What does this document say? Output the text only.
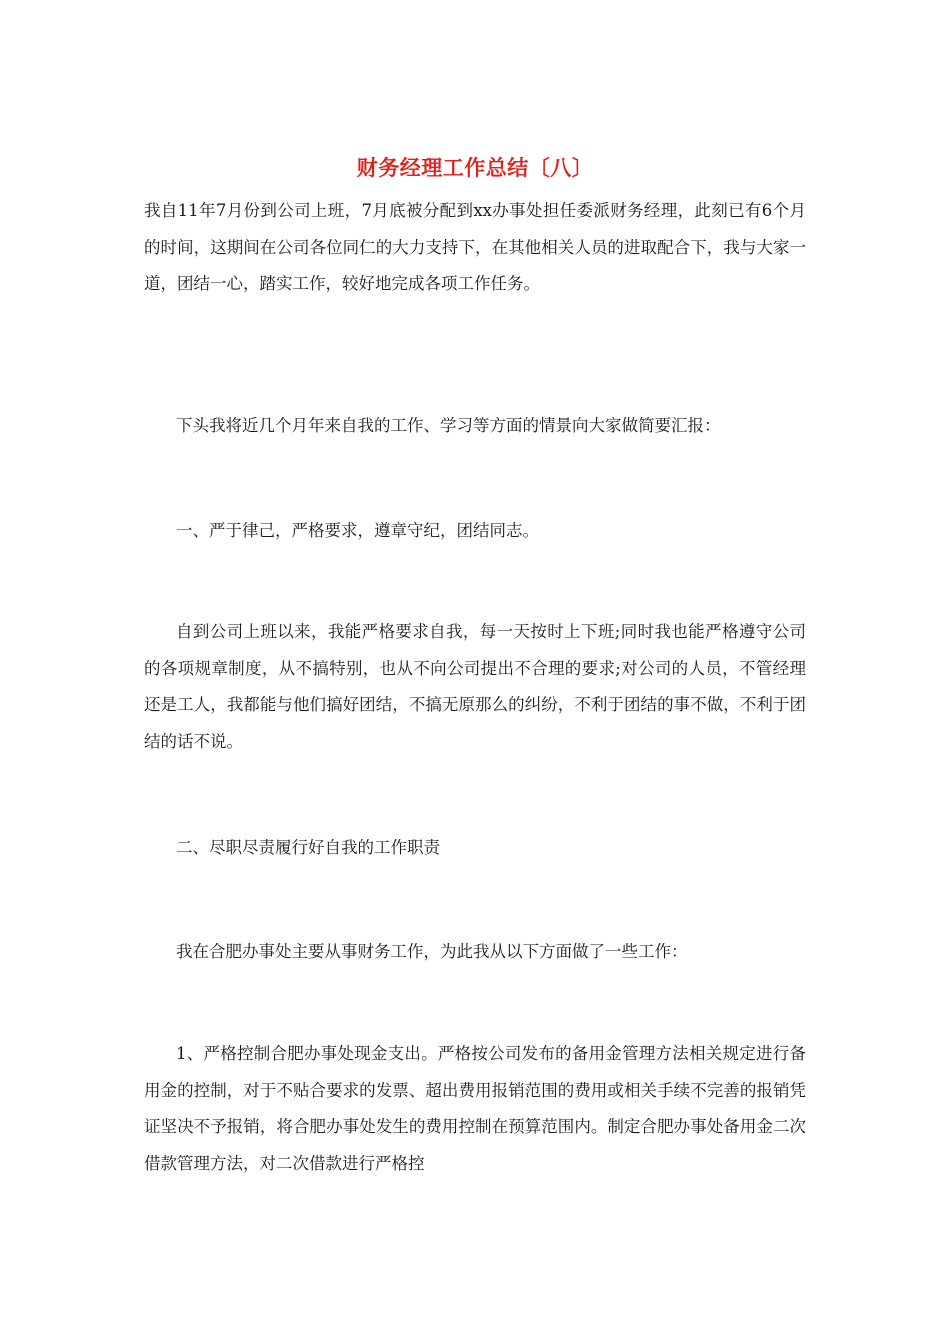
财务经理工作总结〔八〕

我自11年7月份到公司上班，7月底被分配到xx办事处担任委派财务经理，此刻已有6个月的时间，这期间在公司各位同仁的大力支持下，在其他相关人员的进取配合下，我与大家一道，团结一心，踏实工作，较好地完成各项工作任务。

下头我将近几个月年来自我的工作、学习等方面的情景向大家做简要汇报：

一、严于律己，严格要求，遵章守纪，团结同志。

自到公司上班以来，我能严格要求自我，每一天按时上下班;同时我也能严格遵守公司的各项规章制度，从不搞特别，也从不向公司提出不合理的要求;对公司的人员，不管经理还是工人，我都能与他们搞好团结，不搞无原那么的纠纷，不利于团结的事不做，不利于团结的话不说。

二、尽职尽责履行好自我的工作职责

我在合肥办事处主要从事财务工作，为此我从以下方面做了一些工作：

1、严格控制合肥办事处现金支出。严格按公司发布的备用金管理方法相关规定进行备用金的控制，对于不贴合要求的发票、超出费用报销范围的费用或相关手续不完善的报销凭证坚决不予报销，将合肥办事处发生的费用控制在预算范围内。制定合肥办事处备用金二次借款管理方法，对二次借款进行严格控
